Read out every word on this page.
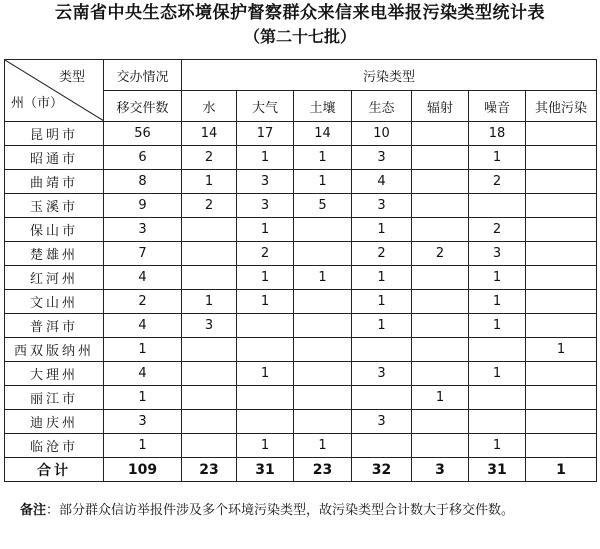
云南省中央生态环境保护督察群众来信来电举报污染类型统计表
（第二十七批）
类型
州（市）	交办情况	污染类型						
	移交件数	水	大气	土壤	生态	辐射	噪音	其他污染
昆明市	56	14	17	14	10		18	
昭通市	6	2	1	1	3		1	
曲靖市	8	1	3	1	4		2	
玉溪市	9	2	3	5	3			
保山市	3		1		1		2	
楚雄州	7		2		2	2	3	
红河州	4		1	1	1		1	
文山州	2	1	1		1		1	
普洱市	4	3			1		1	
西双版纳州	1							1
大理州	4		1		3		1	
丽江市	1					1		
迪庆州	3				3			
临沧市	1		1	1			1	
合计	109	23	31	23	32	3	31	1
备注：部分群众信访举报件涉及多个环境污染类型，故污染类型合计数大于移交件数。
